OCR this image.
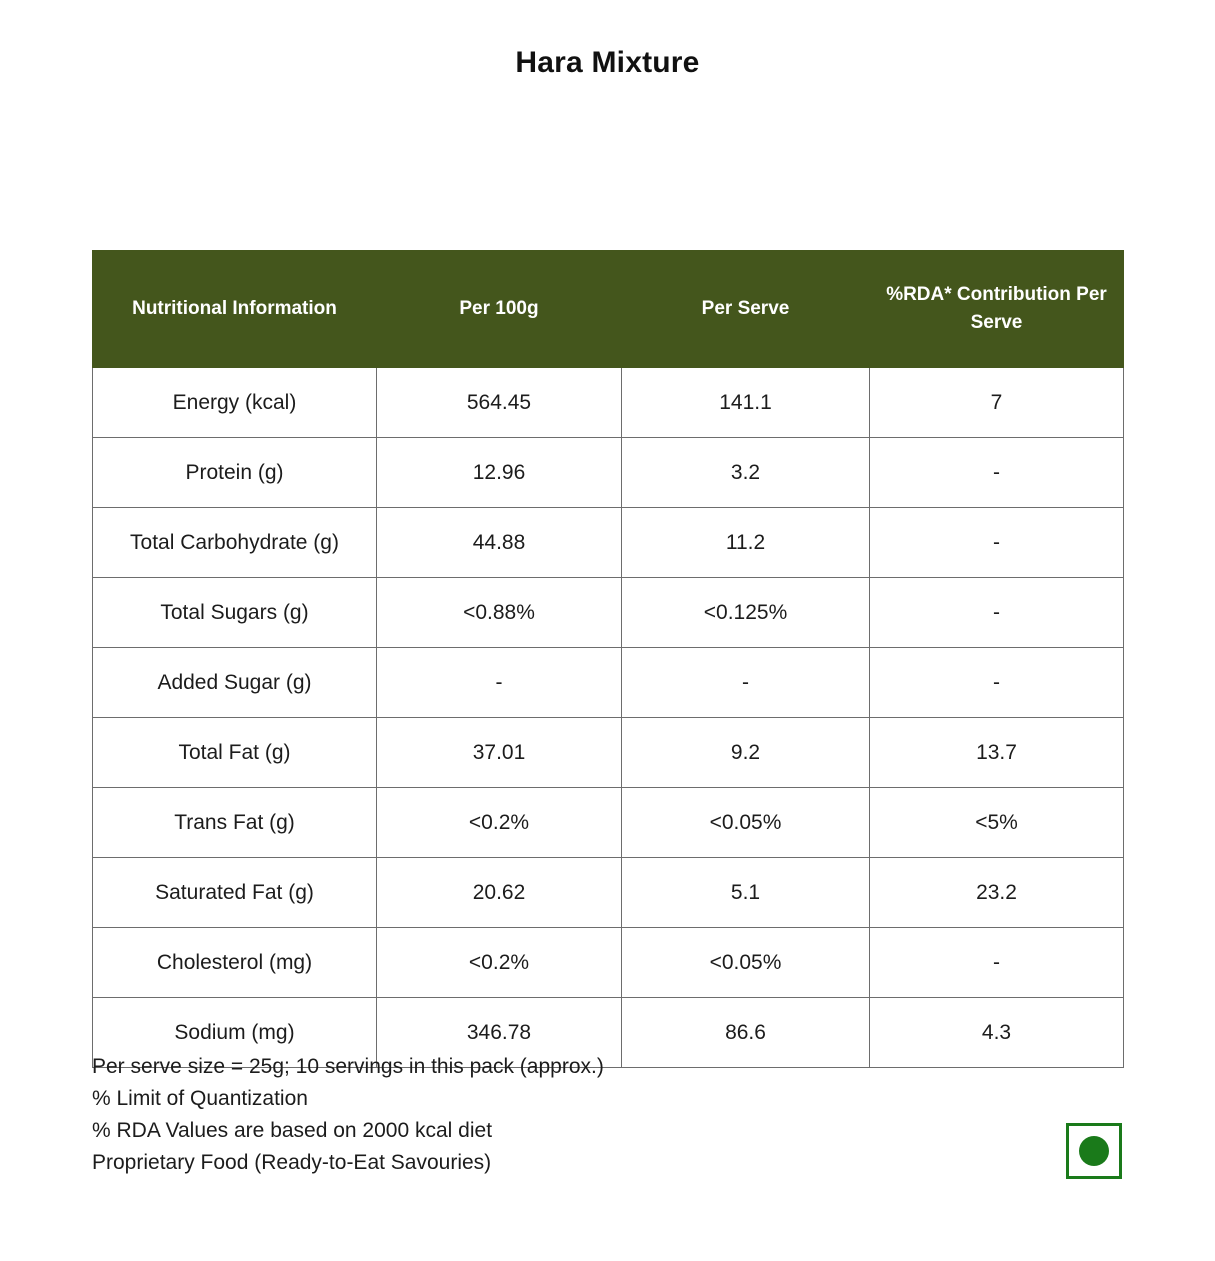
Hara Mixture
Nutritional Information	Per 100g	Per Serve	%RDA* Contribution Per Serve
Energy (kcal)	564.45	141.1	7
Protein (g)	12.96	3.2	-
Total Carbohydrate (g)	44.88	11.2	-
Total Sugars (g)	<0.88%	<0.125%	-
Added Sugar (g)	-	-	-
Total Fat (g)	37.01	9.2	13.7
Trans Fat (g)	<0.2%	<0.05%	<5%
Saturated Fat (g)	20.62	5.1	23.2
Cholesterol (mg)	<0.2%	<0.05%	-
Sodium (mg)	346.78	86.6	4.3
Per serve size = 25g; 10 servings in this pack (approx.)
% Limit of Quantization
% RDA Values are based on 2000 kcal diet
Proprietary Food (Ready-to-Eat Savouries)
